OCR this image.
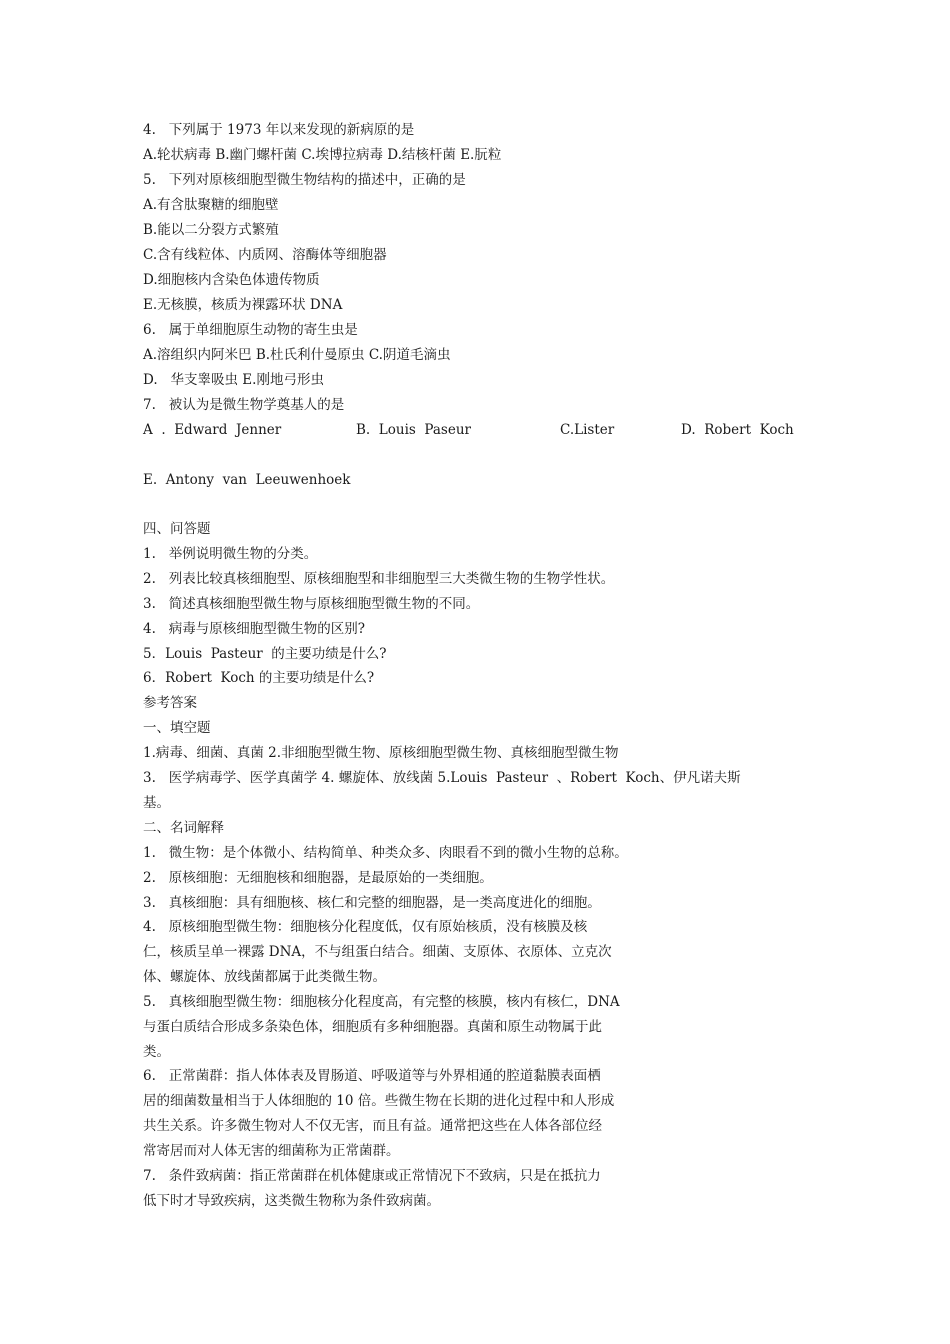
4.   下列属于 1973 年以来发现的新病原的是
A.轮状病毒 B.幽门螺杆菌 C.埃博拉病毒 D.结核杆菌 E.朊粒
5.   下列对原核细胞型微生物结构的描述中，正确的是
A.有含肽聚糖的细胞壁
B.能以二分裂方式繁殖
C.含有线粒体、内质网、溶酶体等细胞器
D.细胞核内含染色体遗传物质
E.无核膜，核质为裸露环状 DNA
6.   属于单细胞原生动物的寄生虫是
A.溶组织内阿米巴 B.杜氏利什曼原虫 C.阴道毛滴虫
D.   华支睾吸虫 E.刚地弓形虫
7.   被认为是微生物学奠基人的是
A  .  Edward  Jenner	B.  Louis  Paseur	C.Lister	D.  Robert  Koch
E.  Antony  van  Leeuwenhoek
四、问答题
1.   举例说明微生物的分类。
2.   列表比较真核细胞型、原核细胞型和非细胞型三大类微生物的生物学性状。
3.   简述真核细胞型微生物与原核细胞型微生物的不同。
4.   病毒与原核细胞型微生物的区别?
5．Louis  Pasteur  的主要功绩是什么?
6．Robert  Koch 的主要功绩是什么?
参考答案
一、填空题
1.病毒、细菌、真菌 2.非细胞型微生物、原核细胞型微生物、真核细胞型微生物
3.   医学病毒学、医学真菌学 4. 螺旋体、放线菌 5.Louis  Pasteur  、Robert  Koch、伊凡诺夫斯
基。
二、名词解释
1.   微生物：是个体微小、结构简单、种类众多、肉眼看不到的微小生物的总称。
2.   原核细胞：无细胞核和细胞器，是最原始的一类细胞。
3.   真核细胞：具有细胞核、核仁和完整的细胞器，是一类高度进化的细胞。
4.   原核细胞型微生物：细胞核分化程度低，仅有原始核质，没有核膜及核
仁，核质呈单一裸露 DNA，不与组蛋白结合。细菌、支原体、衣原体、立克次
体、螺旋体、放线菌都属于此类微生物。
5.   真核细胞型微生物：细胞核分化程度高，有完整的核膜，核内有核仁，DNA
与蛋白质结合形成多条染色体，细胞质有多种细胞器。真菌和原生动物属于此
类。
6.   正常菌群：指人体体表及胃肠道、呼吸道等与外界相通的腔道黏膜表面栖
居的细菌数量相当于人体细胞的 10 倍。些微生物在长期的进化过程中和人形成
共生关系。许多微生物对人不仅无害，而且有益。通常把这些在人体各部位经
常寄居而对人体无害的细菌称为正常菌群。
7.   条件致病菌：指正常菌群在机体健康或正常情况下不致病，只是在抵抗力
低下时才导致疾病，这类微生物称为条件致病菌。
